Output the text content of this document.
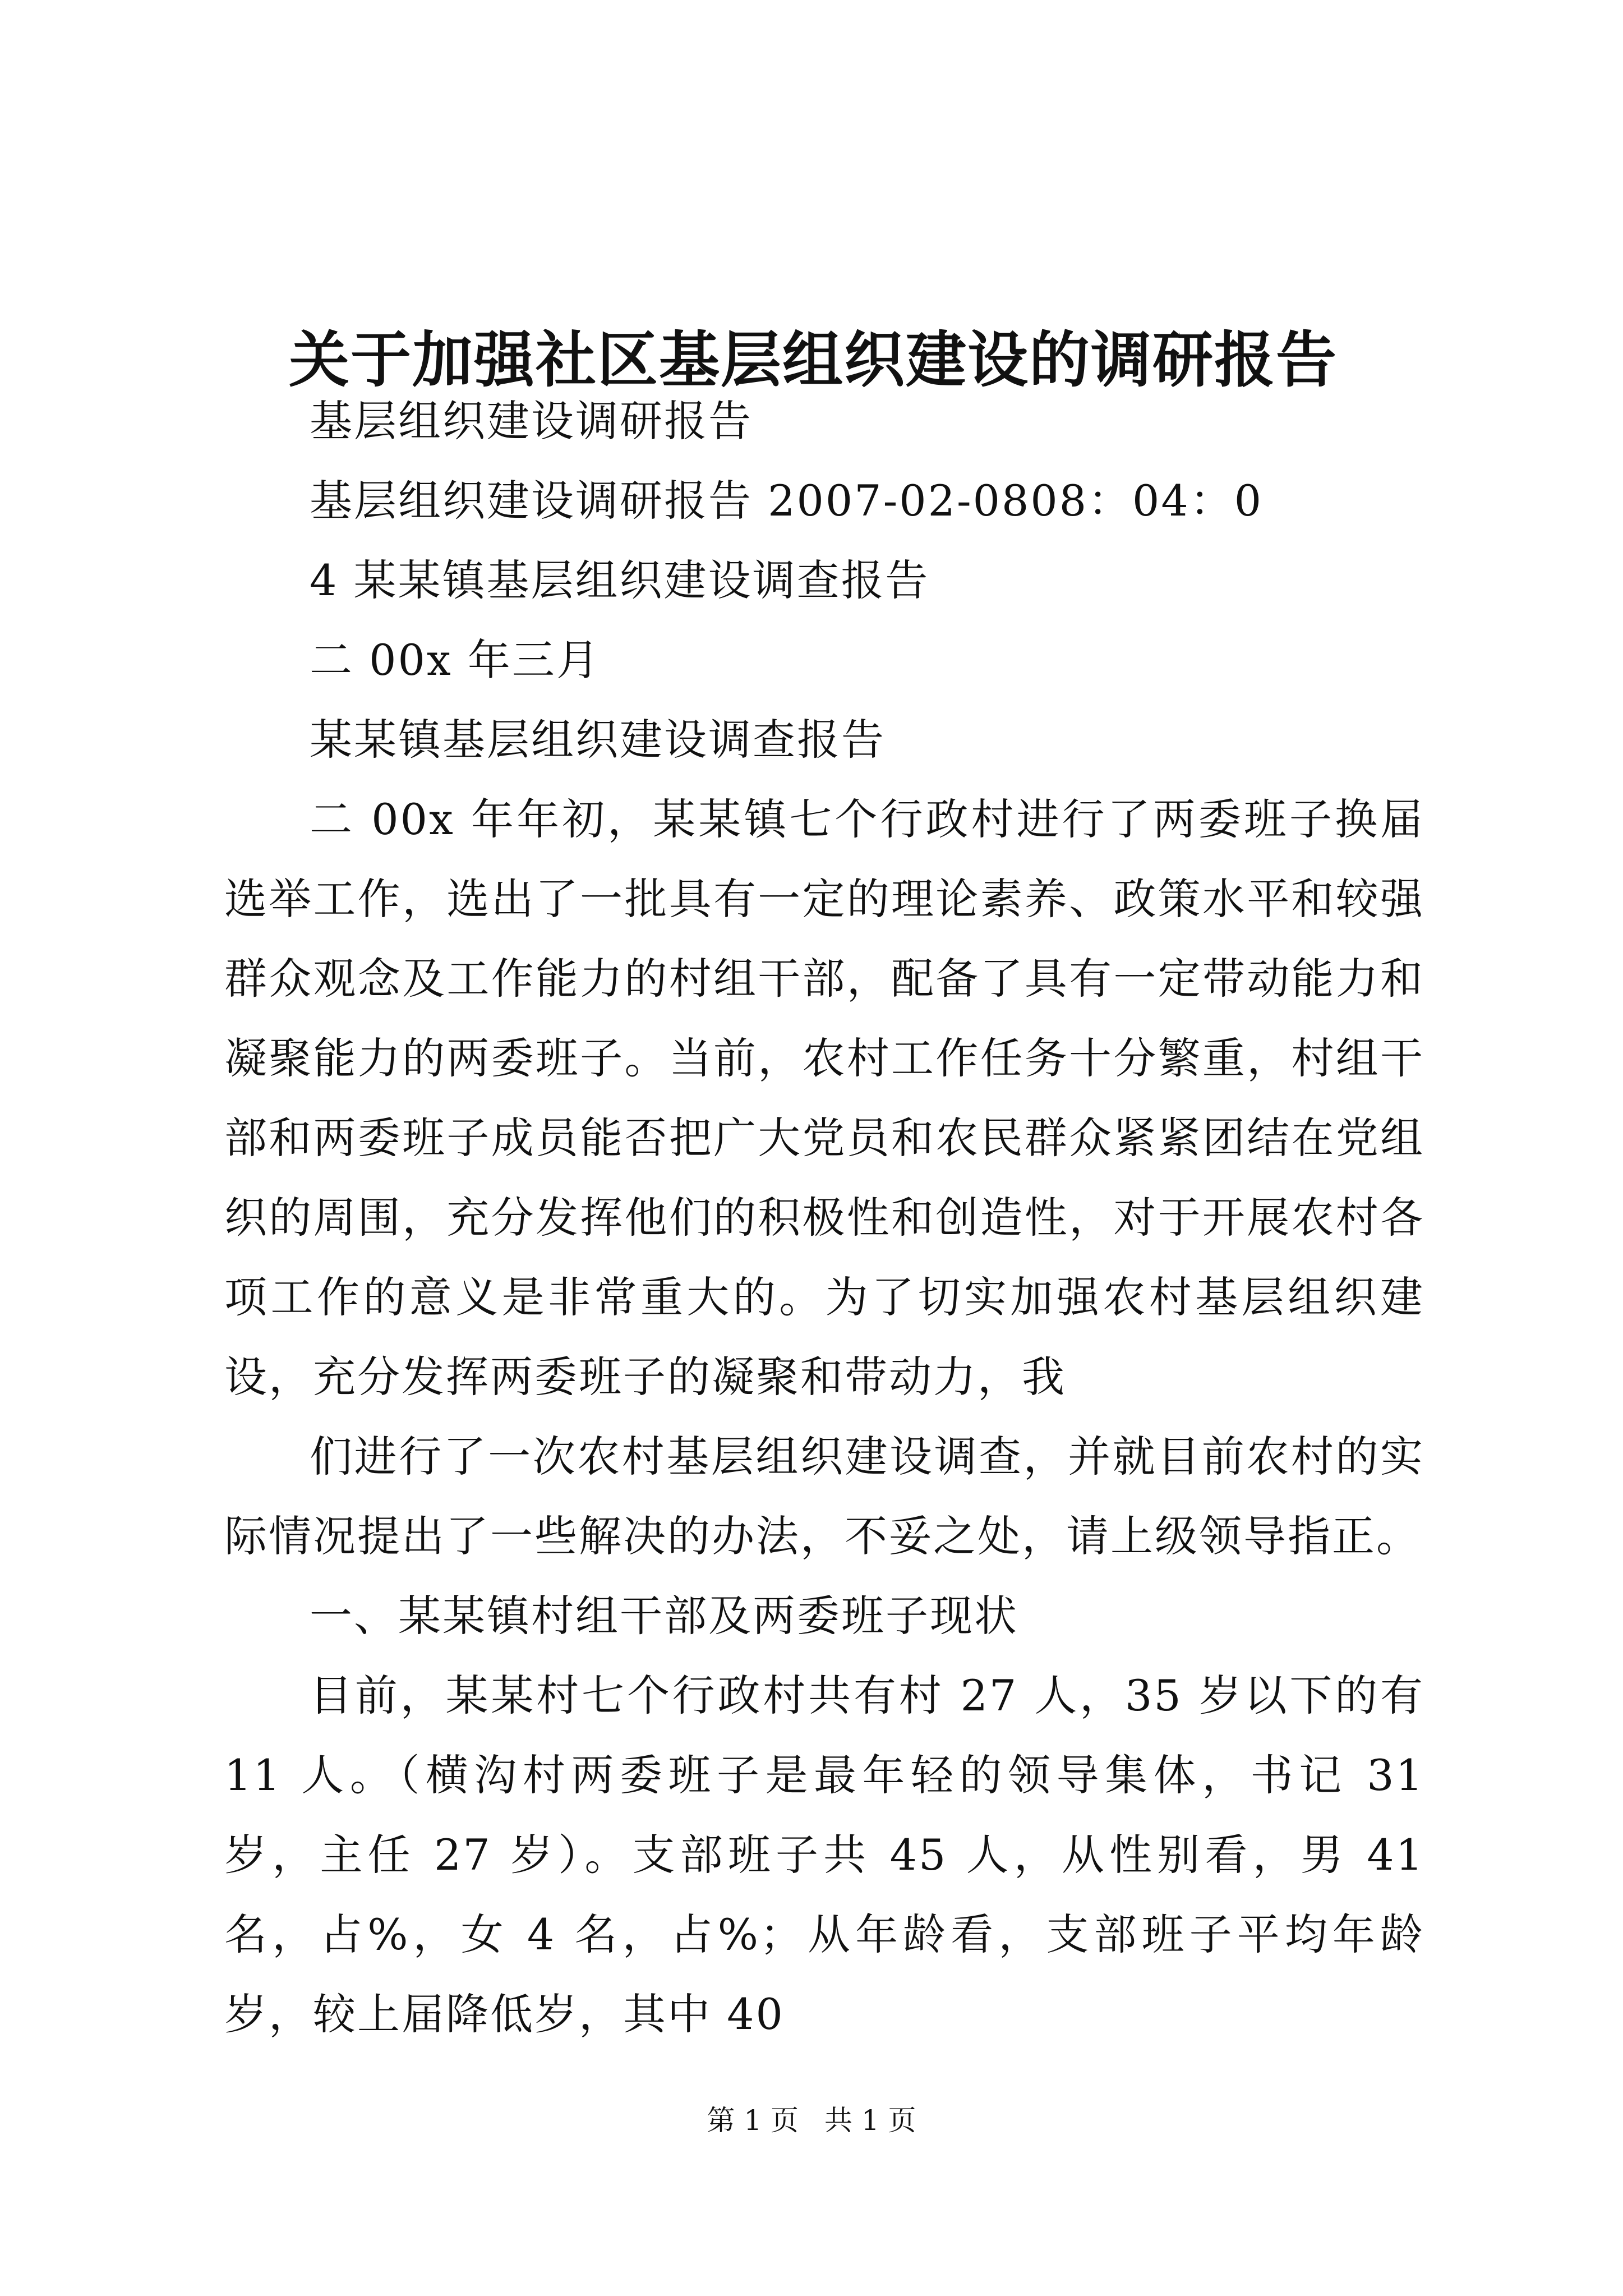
关于加强社区基层组织建设的调研报告

基层组织建设调研报告

基层组织建设调研报告 2007-02-0808：04：0

4 某某镇基层组织建设调查报告

二 00x 年三月

某某镇基层组织建设调查报告

二 00x 年年初，某某镇七个行政村进行了两委班子换届选举工作，选出了一批具有一定的理论素养、政策水平和较强群众观念及工作能力的村组干部，配备了具有一定带动能力和凝聚能力的两委班子。当前，农村工作任务十分繁重，村组干部和两委班子成员能否把广大党员和农民群众紧紧团结在党组织的周围，充分发挥他们的积极性和创造性，对于开展农村各项工作的意义是非常重大的。为了切实加强农村基层组织建设，充分发挥两委班子的凝聚和带动力，我

们进行了一次农村基层组织建设调查，并就目前农村的实际情况提出了一些解决的办法，不妥之处，请上级领导指正。

一、某某镇村组干部及两委班子现状

目前，某某村七个行政村共有村 27 人，35 岁以下的有 11 人。（横沟村两委班子是最年轻的领导集体，书记 31 岁，主任 27 岁）。支部班子共 45 人，从性别看，男 41 名，占%，女 4 名，占%；从年龄看，支部班子平均年龄岁，较上届降低岁，其中 40

第 1 页 共 1 页
